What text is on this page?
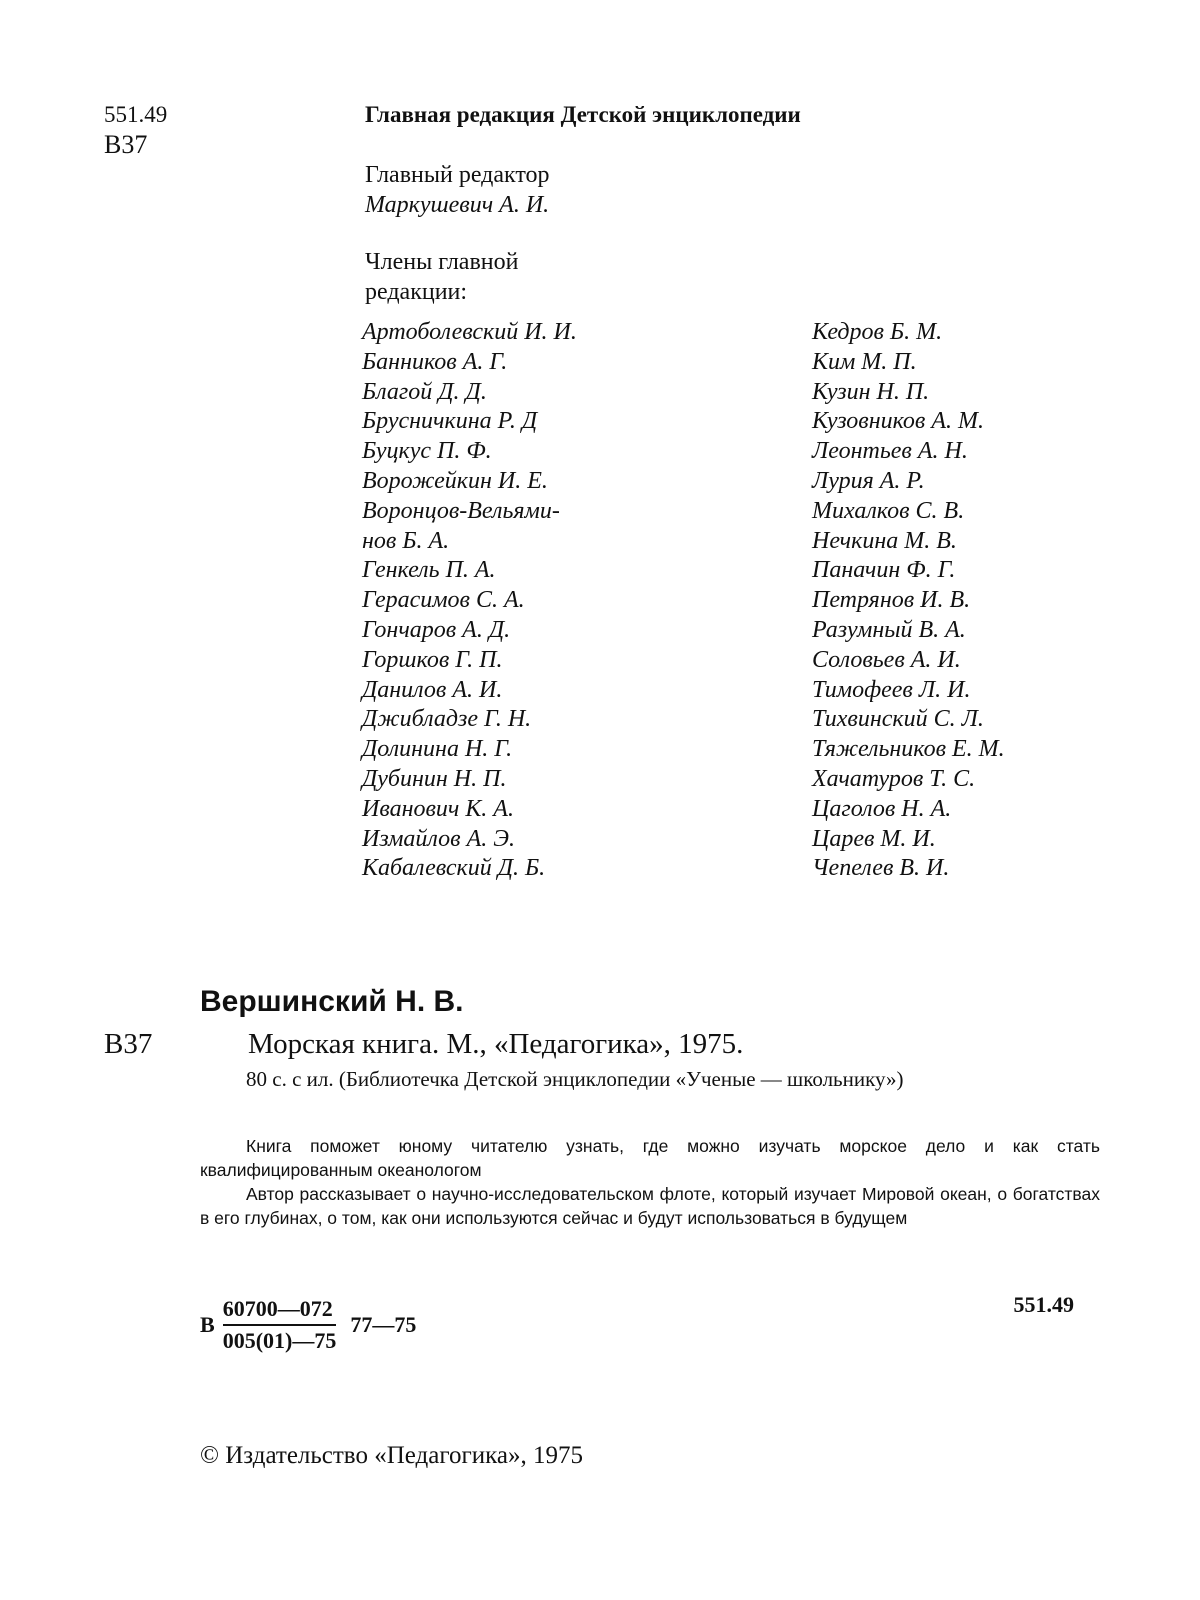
551.49
В37
Главная редакция Детской энциклопедии
Главный редактор
Маркушевич А. И.
Члены главной редакции:
Артоболевский И. И.
Банников А. Г.
Благой Д. Д.
Брусничкина Р. Д
Буцкус П. Ф.
Ворожейкин И. Е.
Воронцов-Вельями-
нов Б. А.
Генкель П. А.
Герасимов С. А.
Гончаров А. Д.
Горшков Г. П.
Данилов А. И.
Джибладзе Г. Н.
Долинина Н. Г.
Дубинин Н. П.
Иванович К. А.
Измайлов А. Э.
Кабалевский Д. Б.
Кедров Б. М.
Ким М. П.
Кузин Н. П.
Кузовников А. М.
Леонтьев А. Н.
Лурия А. Р.
Михалков С. В.
Нечкина М. В.
Паначин Ф. Г.
Петрянов И. В.
Разумный В. А.
Соловьев А. И.
Тимофеев Л. И.
Тихвинский С. Л.
Тяжельников Е. М.
Хачатуров Т. С.
Цаголов Н. А.
Царев М. И.
Чепелев В. И.
Вершинский Н. В.
В37	Морская книга. М., «Педагогика», 1975.

80 с. с ил. (Библиотечка Детской энциклопедии «Ученые — школьнику»)

Книга поможет юному читателю узнать, где можно изучать морское дело и как стать квалифицированным океанологом

Автор рассказывает о научно-исследовательском флоте, который изучает Мировой океан, о богатствах в его глубинах, о том, как они используются сейчас и будут использоваться в будущем

В
60700—072
005(01)—75
77—75
551.49
© Издательство «Педагогика», 1975
